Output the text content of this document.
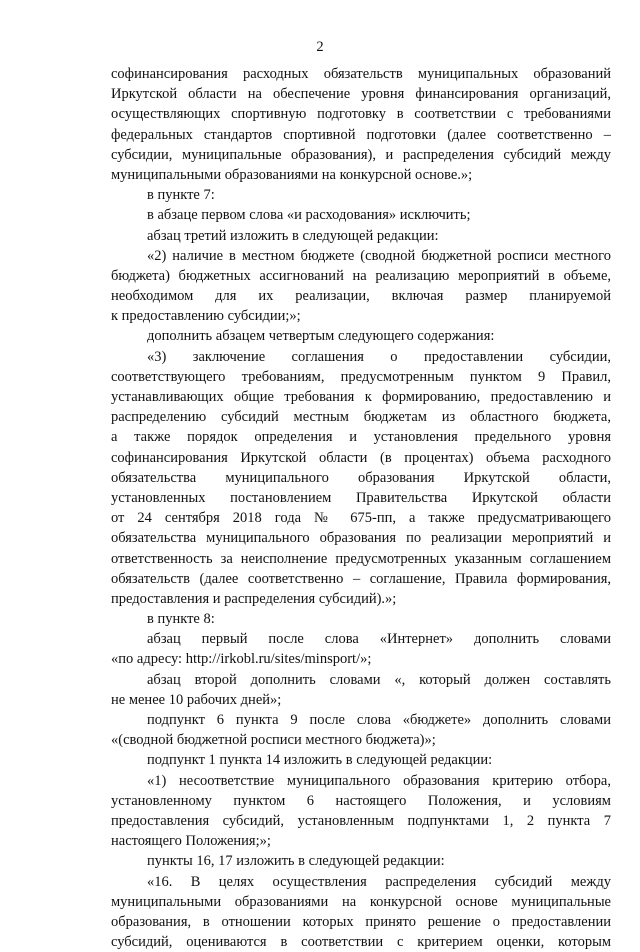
2
софинансирования расходных обязательств муниципальных образований
Иркутской области на обеспечение уровня финансирования организаций,
осуществляющих спортивную подготовку в соответствии с требованиями
федеральных стандартов спортивной подготовки (далее соответственно –
субсидии, муниципальные образования), и распределения субсидий между
муниципальными образованиями на конкурсной основе.»;
в пункте 7:
в абзаце первом слова «и расходования» исключить;
абзац третий изложить в следующей редакции:
«2) наличие в местном бюджете (сводной бюджетной росписи местного
бюджета) бюджетных ассигнований на реализацию мероприятий в объеме,
необходимом для их реализации, включая размер планируемой
к предоставлению субсидии;»;
дополнить абзацем четвертым следующего содержания:
«3) заключение соглашения о предоставлении субсидии,
соответствующего требованиям, предусмотренным пунктом 9 Правил,
устанавливающих общие требования к формированию, предоставлению и
распределению субсидий местным бюджетам из областного бюджета,
а также порядок определения и установления предельного уровня
софинансирования Иркутской области (в процентах) объема расходного
обязательства муниципального образования Иркутской области,
установленных постановлением Правительства Иркутской области
от 24 сентября 2018 года № 675-пп, а также предусматривающего
обязательства муниципального образования по реализации мероприятий и
ответственность за неисполнение предусмотренных указанным соглашением
обязательств (далее соответственно – соглашение, Правила формирования,
предоставления и распределения субсидий).»;
в пункте 8:
абзац первый после слова «Интернет» дополнить словами
«по адресу: http://irkobl.ru/sites/minsport/»;
абзац второй дополнить словами «, который должен составлять
не менее 10 рабочих дней»;
подпункт 6 пункта 9 после слова «бюджете» дополнить словами
«(сводной бюджетной росписи местного бюджета)»;
подпункт 1 пункта 14 изложить в следующей редакции:
«1) несоответствие муниципального образования критерию отбора,
установленному пунктом 6 настоящего Положения, и условиям
предоставления субсидий, установленным подпунктами 1, 2 пункта 7
настоящего Положения;»;
пункты 16, 17 изложить в следующей редакции:
«16. В целях осуществления распределения субсидий между
муниципальными образованиями на конкурсной основе муниципальные
образования, в отношении которых принято решение о предоставлении
субсидий, оцениваются в соответствии с критерием оценки, которым
